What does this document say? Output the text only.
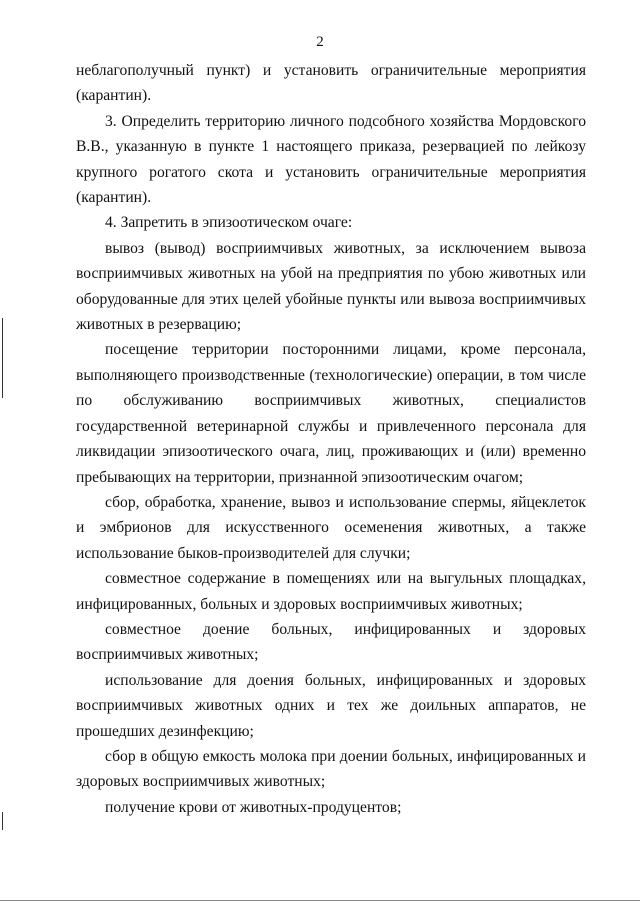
2

неблагополучный пункт) и установить ограничительные мероприятия (карантин).

3. Определить территорию личного подсобного хозяйства Мордовского В.В., указанную в пункте 1 настоящего приказа, резервацией по лейкозу крупного рогатого скота и установить ограничительные мероприятия (карантин).

4. Запретить в эпизоотическом очаге:

вывоз (вывод) восприимчивых животных, за исключением вывоза восприимчивых животных на убой на предприятия по убою животных или оборудованные для этих целей убойные пункты или вывоза восприимчивых животных в резервацию;

посещение территории посторонними лицами, кроме персонала, выполняющего производственные (технологические) операции, в том числе по обслуживанию восприимчивых животных, специалистов государственной ветеринарной службы и привлеченного персонала для ликвидации эпизоотического очага, лиц, проживающих и (или) временно пребывающих на территории, признанной эпизоотическим очагом;

сбор, обработка, хранение, вывоз и использование спермы, яйцеклеток и эмбрионов для искусственного осеменения животных, а также использование быков-производителей для случки;

совместное содержание в помещениях или на выгульных площадках, инфицированных, больных и здоровых восприимчивых животных;

совместное доение больных, инфицированных и здоровых восприимчивых животных;

использование для доения больных, инфицированных и здоровых восприимчивых животных одних и тех же доильных аппаратов, не прошедших дезинфекцию;

сбор в общую емкость молока при доении больных, инфицированных и здоровых восприимчивых животных;

получение крови от животных-продуцентов;
